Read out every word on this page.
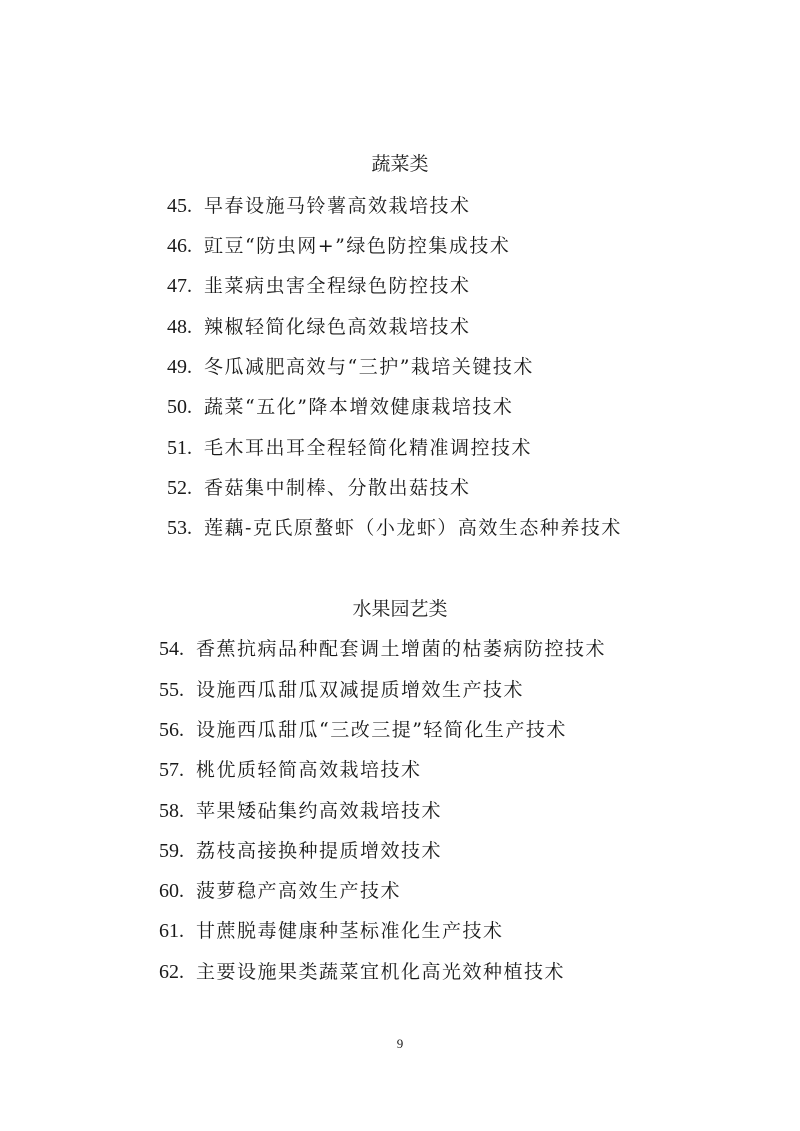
蔬菜类
45. 早春设施马铃薯高效栽培技术
46. 豇豆“防虫网+”绿色防控集成技术
47. 韭菜病虫害全程绿色防控技术
48. 辣椒轻简化绿色高效栽培技术
49. 冬瓜减肥高效与“三护”栽培关键技术
50. 蔬菜“五化”降本增效健康栽培技术
51. 毛木耳出耳全程轻简化精准调控技术
52. 香菇集中制棒、分散出菇技术
53. 莲藕-克氏原螯虾（小龙虾）高效生态种养技术
水果园艺类
54. 香蕉抗病品种配套调土增菌的枯萎病防控技术
55. 设施西瓜甜瓜双减提质增效生产技术
56. 设施西瓜甜瓜“三改三提”轻简化生产技术
57. 桃优质轻简高效栽培技术
58. 苹果矮砧集约高效栽培技术
59. 荔枝高接换种提质增效技术
60. 菠萝稳产高效生产技术
61. 甘蔗脱毒健康种茎标准化生产技术
62. 主要设施果类蔬菜宜机化高光效种植技术
9
